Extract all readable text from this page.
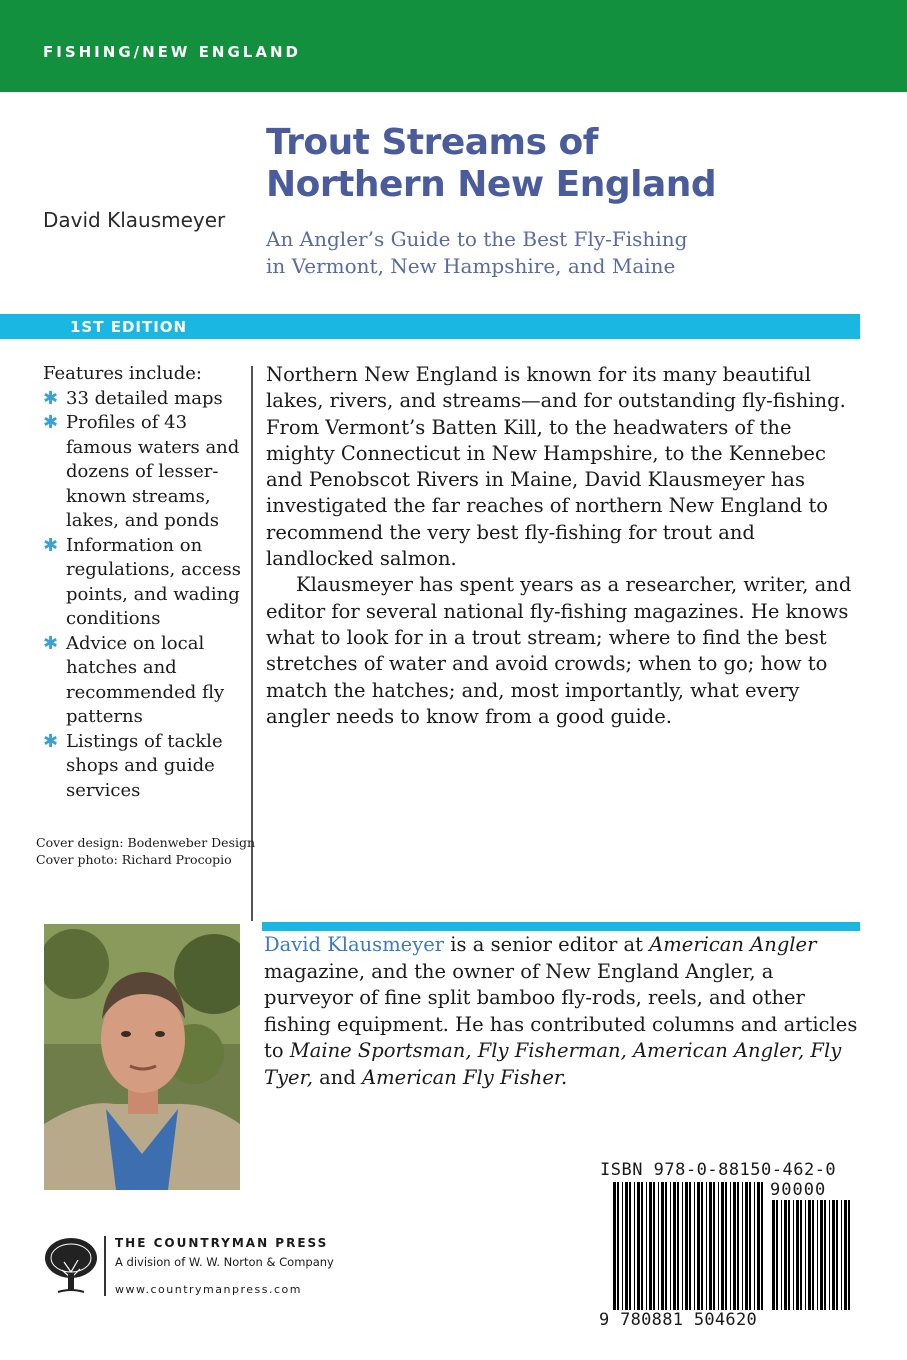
FISHING/NEW ENGLAND
David Klausmeyer
Trout Streams of
Northern New England
An Angler’s Guide to the Best Fly-Fishing
in Vermont, New Hampshire, and Maine
1ST EDITION
Features include:
✱ 33 detailed maps
✱ Profiles of 43 famous waters and dozens of lesser-known streams, lakes, and ponds
✱ Information on regulations, access points, and wading conditions
✱ Advice on local hatches and recommended fly patterns
✱ Listings of tackle shops and guide services
Cover design: Bodenweber Design
Cover photo: Richard Procopio

Northern New England is known for its many beautiful lakes, rivers, and streams—and for outstanding fly-fishing. From Vermont’s Batten Kill, to the headwaters of the mighty Connecticut in New Hampshire, to the Kennebec and Penobscot Rivers in Maine, David Klausmeyer has investigated the far reaches of northern New England to recommend the very best fly-fishing for trout and landlocked salmon.

Klausmeyer has spent years as a researcher, writer, and editor for several national fly-fishing magazines. He knows what to look for in a trout stream; where to find the best stretches of water and avoid crowds; when to go; how to match the hatches; and, most importantly, what every angler needs to know from a good guide.

David Klausmeyer is a senior editor at American Angler magazine, and the owner of New England Angler, a purveyor of fine split bamboo fly-rods, reels, and other fishing equipment. He has contributed columns and articles to Maine Sportsman, Fly Fisherman, American Angler, Fly Tyer, and American Fly Fisher.
THE COUNTRYMAN PRESS
A division of W. W. Norton & Company
www.countrymanpress.com
ISBN 978-0-88150-462-0
90000
9 780881 504620
